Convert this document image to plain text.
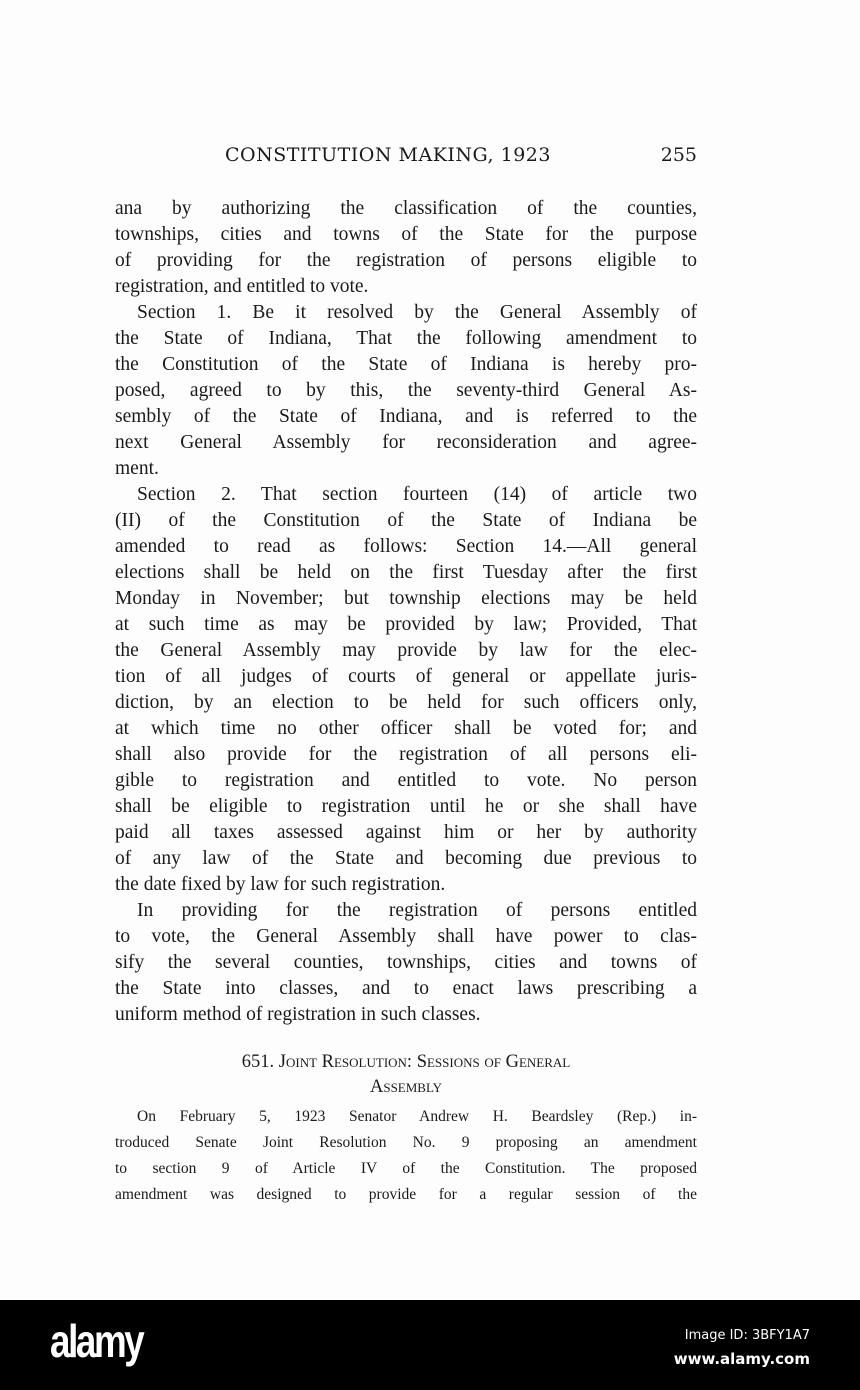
CONSTITUTION MAKING, 1923	255
ana by authorizing the classification of the counties,
townships, cities and towns of the State for the purpose
of providing for the registration of persons eligible to
registration, and entitled to vote.
Section 1. Be it resolved by the General Assembly of
the State of Indiana, That the following amendment to
the Constitution of the State of Indiana is hereby pro-
posed, agreed to by this, the seventy-third General As-
sembly of the State of Indiana, and is referred to the
next General Assembly for reconsideration and agree-
ment.
Section 2. That section fourteen (14) of article two
(II) of the Constitution of the State of Indiana be
amended to read as follows: Section 14.—All general
elections shall be held on the first Tuesday after the first
Monday in November; but township elections may be held
at such time as may be provided by law; Provided, That
the General Assembly may provide by law for the elec-
tion of all judges of courts of general or appellate juris-
diction, by an election to be held for such officers only,
at which time no other officer shall be voted for; and
shall also provide for the registration of all persons eli-
gible to registration and entitled to vote. No person
shall be eligible to registration until he or she shall have
paid all taxes assessed against him or her by authority
of any law of the State and becoming due previous to
the date fixed by law for such registration.
In providing for the registration of persons entitled
to vote, the General Assembly shall have power to clas-
sify the several counties, townships, cities and towns of
the State into classes, and to enact laws prescribing a
uniform method of registration in such classes.
651. Joint Resolution: Sessions of General
Assembly
On February 5, 1923 Senator Andrew H. Beardsley (Rep.) in-
troduced Senate Joint Resolution No. 9 proposing an amendment
to section 9 of Article IV of the Constitution. The proposed
amendment was designed to provide for a regular session of the
alamy	Image ID: 3BFY1A7
www.alamy.com
